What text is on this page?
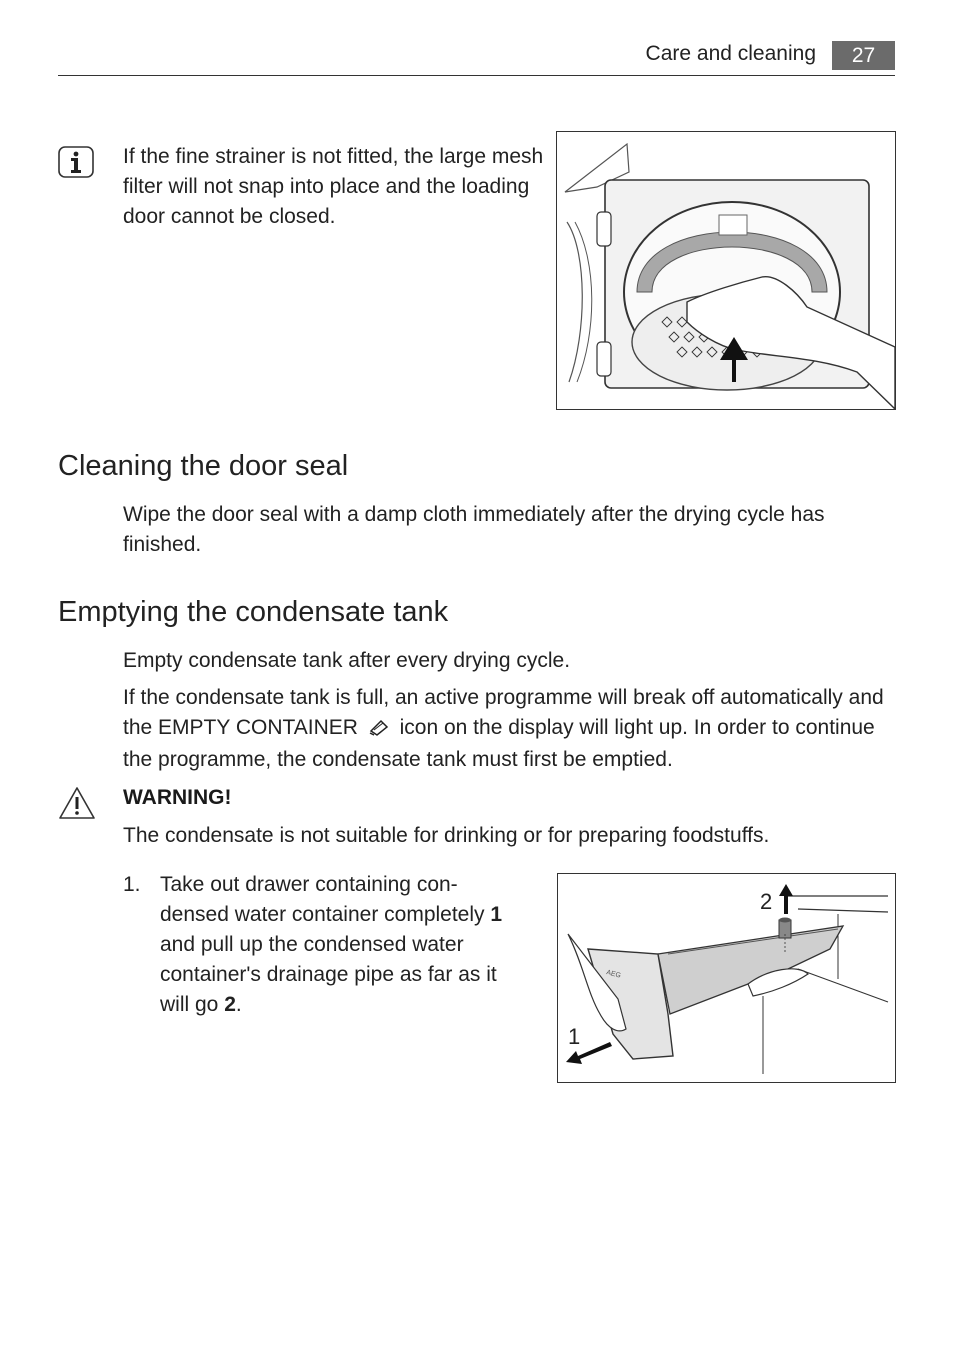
Care and cleaning	27
If the fine strainer is not fitted, the large mesh filter will not snap into place and the loading door cannot be closed.
Cleaning the door seal
Wipe the door seal with a damp cloth immediately after the drying cycle has finished.
Emptying the condensate tank
Empty condensate tank after every drying cycle.
If the condensate tank is full, an active programme will break off automatically and the EMPTY CONTAINER icon on the display will light up. In order to continue the programme, the condensate tank must first be emptied.
WARNING!
The condensate is not suitable for drinking or for preparing foodstuffs.
1. Take out drawer containing con-densed water container completely 1 and pull up the condensed water container's drainage pipe as far as it will go 2.
2
1
AEG
